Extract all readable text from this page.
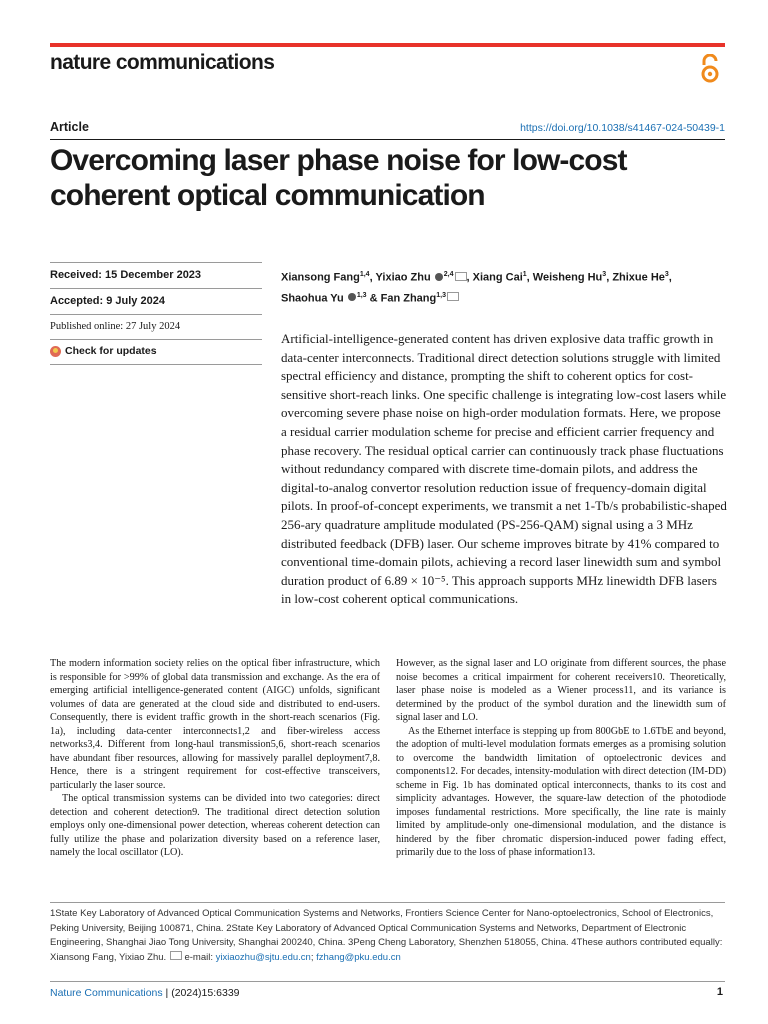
nature communications
Article	https://doi.org/10.1038/s41467-024-50439-1
Overcoming laser phase noise for low-cost
coherent optical communication
Received: 15 December 2023
Accepted: 9 July 2024
Published online: 27 July 2024
Check for updates
Xiansong Fang$^{1,4}$, Yixiao Zhu $^{2,4}$ , Xiang Cai$^1$, Weisheng Hu$^3$, Zhixue He$^3$,
Shaohua Yu $^{1,3}$ & Fan Zhang$^{1,3}$

Artificial-intelligence-generated content has driven explosive data traffic growth in data-center interconnects. Traditional direct detection solutions struggle with limited spectral efficiency and distance, prompting the shift to coherent optics for cost-sensitive short-reach links. One specific challenge is integrating low-cost lasers while overcoming severe phase noise on high-order modulation formats. Here, we propose a residual carrier modulation scheme for precise and efficient carrier frequency and phase recovery. The residual optical carrier can continuously track phase fluctuations without redundancy compared with discrete time-domain pilots, and address the digital-to-analog convertor resolution reduction issue of frequency-domain digital pilots. In proof-of-concept experiments, we transmit a net 1-Tb/s probabilistic-shaped 256-ary quadrature amplitude modulated (PS-256-QAM) signal using a 3 MHz distributed feedback (DFB) laser. Our scheme improves bitrate by 41% compared to conventional time-domain pilots, achieving a record laser linewidth sum and symbol duration product of 6.89 × 10⁻⁵. This approach supports MHz linewidth DFB lasers in low-cost coherent optical communications.

The modern information society relies on the optical fiber infrastructure, which is responsible for >99% of global data transmission and exchange. As the era of emerging artificial intelligence-generated content (AIGC) unfolds, significant volumes of data are generated at the cloud side and distributed to end-users. Consequently, there is evident traffic growth in the short-reach scenarios (Fig. 1a), including data-center interconnects1,2 and fiber-wireless access networks3,4. Different from long-haul transmission5,6, short-reach scenarios have abundant fiber resources, allowing for massively parallel deployment7,8. Hence, there is a stringent requirement for cost-effective transceivers, particularly the laser source.

The optical transmission systems can be divided into two categories: direct detection and coherent detection9. The traditional direct detection solution employs only one-dimensional power detection, whereas coherent detection can fully utilize the phase and polarization diversity based on a reference laser, namely the local oscillator (LO).

However, as the signal laser and LO originate from different sources, the phase noise becomes a critical impairment for coherent receivers10. Theoretically, laser phase noise is modeled as a Wiener process11, and its variance is determined by the product of the symbol duration and the linewidth sum of signal laser and LO.

As the Ethernet interface is stepping up from 800GbE to 1.6TbE and beyond, the adoption of multi-level modulation formats emerges as a promising solution to overcome the bandwidth limitation of optoelectronic devices and components12. For decades, intensity-modulation with direct detection (IM-DD) scheme in Fig. 1b has dominated optical interconnects, thanks to its cost and simplicity advantages. However, the square-law detection of the photodiode imposes fundamental restrictions. More specifically, the line rate is mainly limited by amplitude-only one-dimensional modulation, and the distance is hindered by the fiber chromatic dispersion-induced power fading effect, primarily due to the loss of phase information13.

1State Key Laboratory of Advanced Optical Communication Systems and Networks, Frontiers Science Center for Nano-optoelectronics, School of Electronics, Peking University, Beijing 100871, China. 2State Key Laboratory of Advanced Optical Communication Systems and Networks, Department of Electronic Engineering, Shanghai Jiao Tong University, Shanghai 200240, China. 3Peng Cheng Laboratory, Shenzhen 518055, China. 4These authors contributed equally: Xiansong Fang, Yixiao Zhu.  e-mail: yixiaozhu@sjtu.edu.cn; fzhang@pku.edu.cn

Nature Communications | (2024)15:6339	1
